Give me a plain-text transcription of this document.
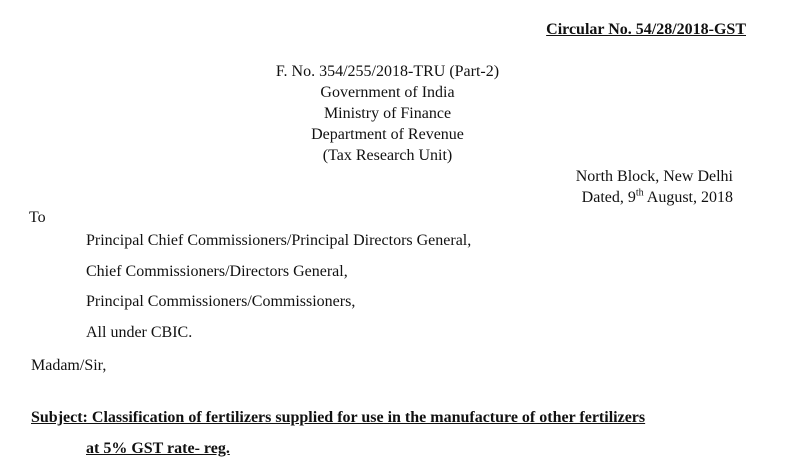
Circular No. 54/28/2018-GST
F. No. 354/255/2018-TRU (Part-2)
Government of India
Ministry of Finance
Department of Revenue
(Tax Research Unit)
North Block, New Delhi
Dated, 9th August, 2018
To
Principal Chief Commissioners/Principal Directors General,
Chief Commissioners/Directors General,
Principal Commissioners/Commissioners,
All under CBIC.
Madam/Sir,
Subject: Classification of fertilizers supplied for use in the manufacture of other fertilizers
at 5% GST rate- reg.
